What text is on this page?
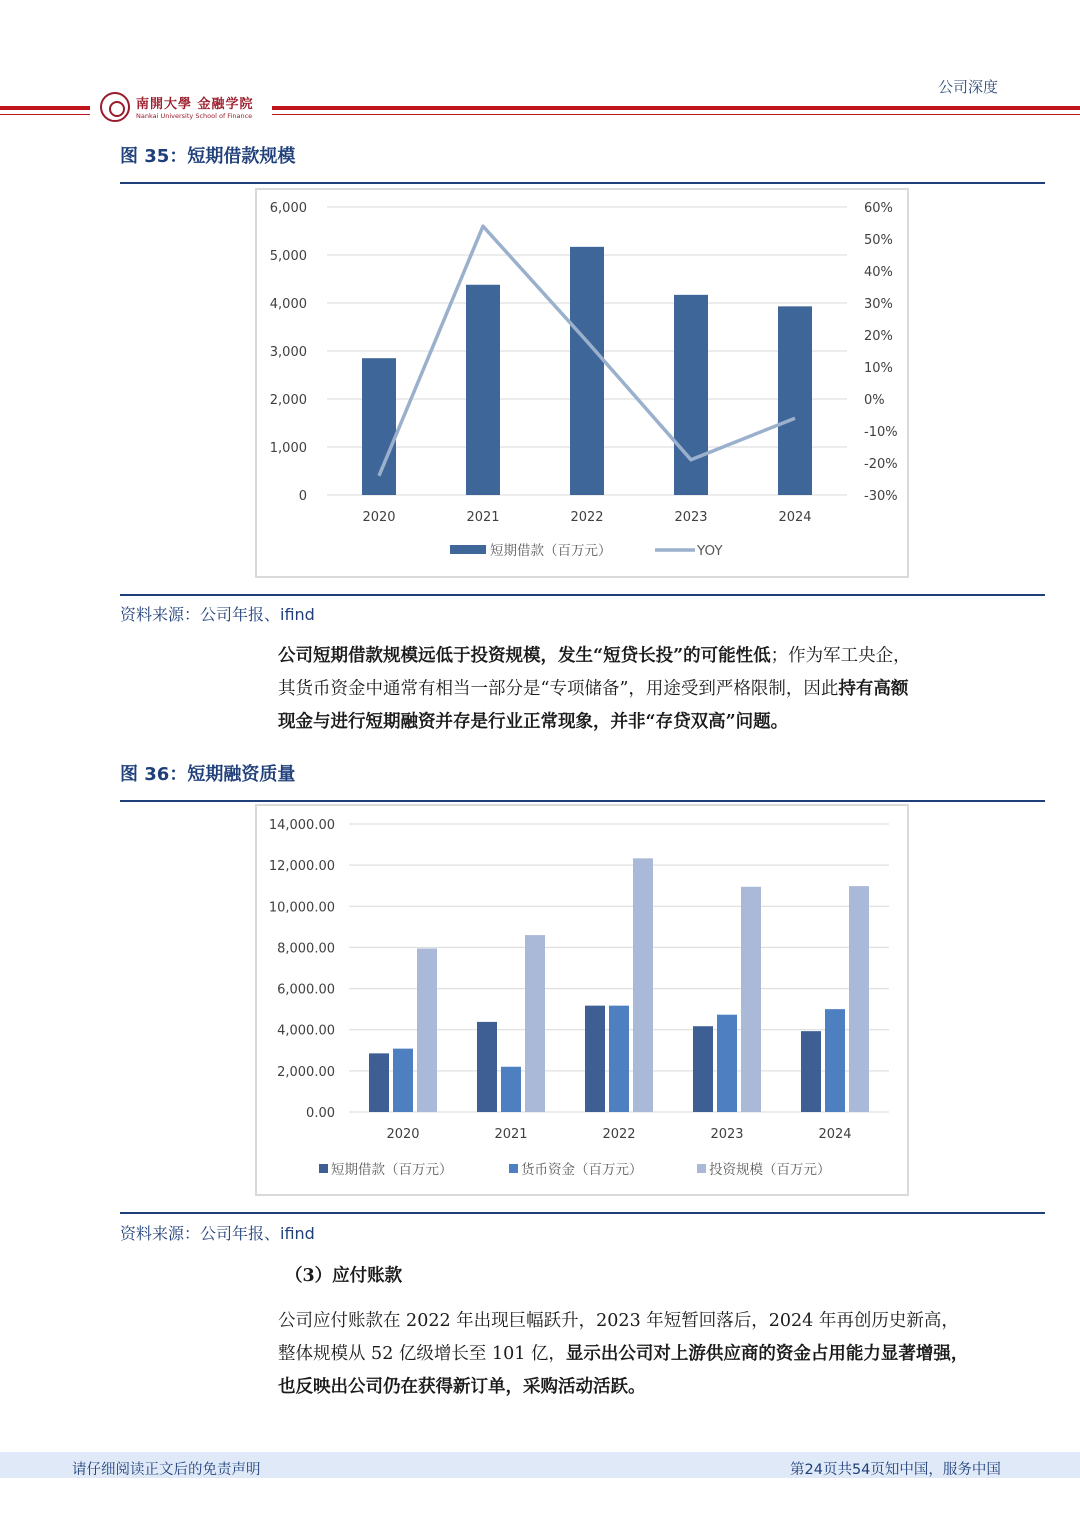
公司深度
南開大學 金融学院
Nankai University School of Finance
图 35：短期借款规模
6,000
5,000
4,000
3,000
2,000
1,000
0
60%
50%
40%
30%
20%
10%
0%
-10%
-20%
-30%
2020	2021	2022	2023	2024
短期借款（百万元）	YOY
资料来源：公司年报、ifind
公司短期借款规模远低于投资规模，发生“短贷长投”的可能性低；作为军工央企，
其货币资金中通常有相当一部分是“专项储备”，用途受到严格限制，因此持有高额
现金与进行短期融资并存是行业正常现象，并非“存贷双高”问题。
图 36：短期融资质量
14,000.00
12,000.00
10,000.00
8,000.00
6,000.00
4,000.00
2,000.00
0.00
2020	2021	2022	2023	2024
短期借款（百万元）	货币资金（百万元）	投资规模（百万元）
资料来源：公司年报、ifind
（3）应付账款
公司应付账款在 2022 年出现巨幅跃升，2023 年短暂回落后，2024 年再创历史新高，
整体规模从 52 亿级增长至 101 亿，显示出公司对上游供应商的资金占用能力显著增强，
也反映出公司仍在获得新订单，采购活动活跃。
请仔细阅读正文后的免责声明	第24页共54页知中国，服务中国
